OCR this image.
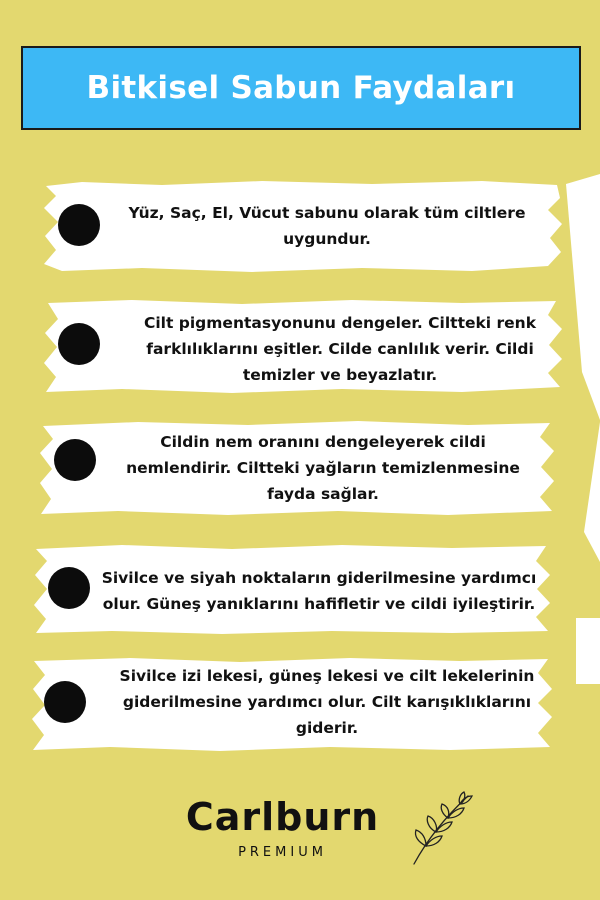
Bitkisel Sabun Faydaları
Yüz, Saç, El, Vücut sabunu olarak tüm ciltlere uygundur.
Cilt pigmentasyonunu dengeler. Ciltteki renk farklılıklarını eşitler. Cilde canlılık verir. Cildi temizler ve beyazlatır.
Cildin nem oranını dengeleyerek cildi nemlendirir. Ciltteki yağların temizlenmesine fayda sağlar.
Sivilce ve siyah noktaların giderilmesine yardımcı olur. Güneş yanıklarını hafifletir ve cildi iyileştirir.
Sivilce izi lekesi, güneş lekesi ve cilt lekelerinin giderilmesine yardımcı olur. Cilt karışıklıklarını giderir.
Carlburn
PREMIUM
